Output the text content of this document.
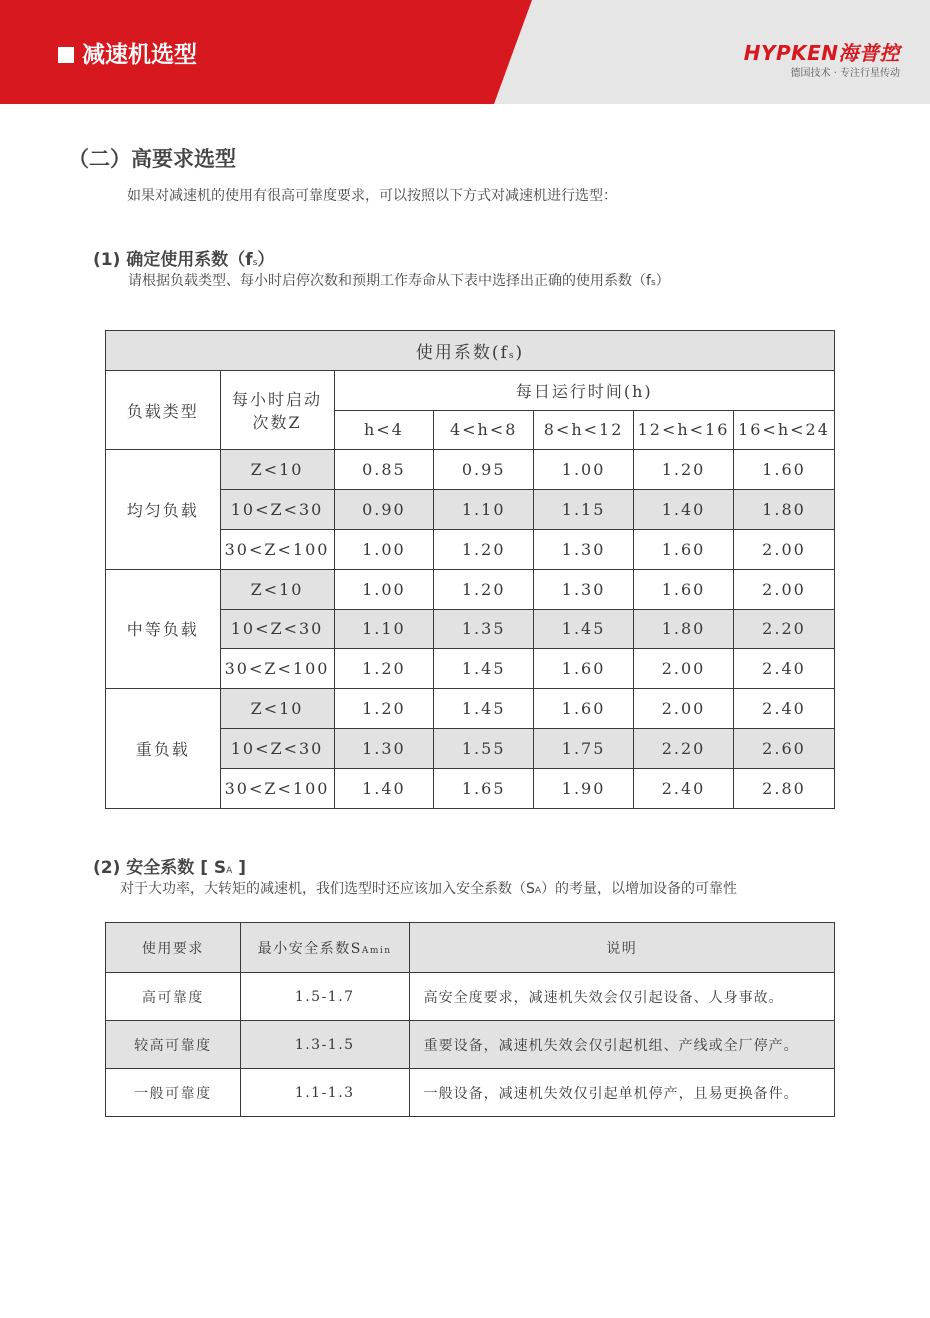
减速机选型	HYPKEN海普控
德国技术 · 专注行星传动
（二）高要求选型
如果对减速机的使用有很高可靠度要求，可以按照以下方式对减速机进行选型：
(1) 确定使用系数（fs）
请根据负载类型、每小时启停次数和预期工作寿命从下表中选择出正确的使用系数（fs）
使用系数(fs)						
负载类型	每小时启动次数Z	每日运行时间(h)				
		h<4	4<h<8	8<h<12	12<h<16	16<h<24
均匀负载	Z<10	0.85	0.95	1.00	1.20	1.60
	10<Z<30	0.90	1.10	1.15	1.40	1.80
	30<Z<100	1.00	1.20	1.30	1.60	2.00
中等负载	Z<10	1.00	1.20	1.30	1.60	2.00
	10<Z<30	1.10	1.35	1.45	1.80	2.20
	30<Z<100	1.20	1.45	1.60	2.00	2.40
重负载	Z<10	1.20	1.45	1.60	2.00	2.40
	10<Z<30	1.30	1.55	1.75	2.20	2.60
	30<Z<100	1.40	1.65	1.90	2.40	2.80
(2) 安全系数 [ SA ]
对于大功率，大转矩的减速机，我们选型时还应该加入安全系数（SA）的考量，以增加设备的可靠性
使用要求	最小安全系数SAmin	说明
高可靠度	1.5-1.7	高安全度要求，减速机失效会仅引起设备、人身事故。
较高可靠度	1.3-1.5	重要设备，减速机失效会仅引起机组、产线或全厂停产。
一般可靠度	1.1-1.3	一般设备，减速机失效仅引起单机停产，且易更换备件。
